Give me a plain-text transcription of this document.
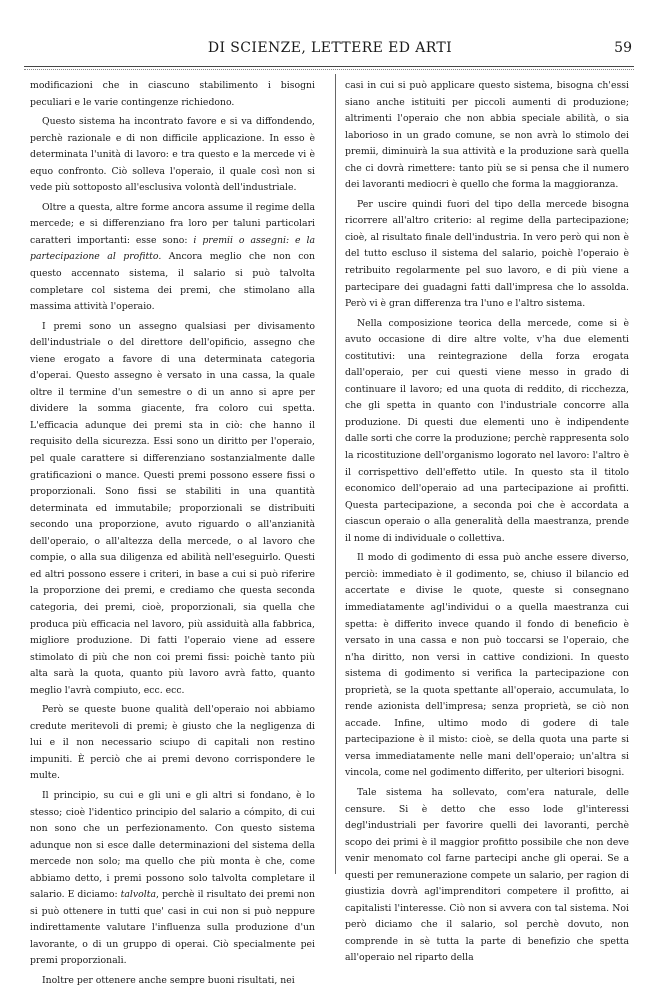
DI SCIENZE, LETTERE ED ARTI	59

modificazioni che in ciascuno stabilimento i bisogni peculiari e le varie contingenze richiedono.

Questo sistema ha incontrato favore e si va diffondendo, perchè razionale e di non difficile applicazione. In esso è determinata l'unità di lavoro: e tra questo e la mercede vi è equo confronto. Ciò solleva l'operaio, il quale così non si vede più sottoposto all'esclusiva volontà dell'industriale.

Oltre a questa, altre forme ancora assume il regime della mercede; e si differenziano fra loro per taluni particolari caratteri importanti: esse sono: i premii o assegni: e la partecipazione al profitto. Ancora meglio che non con questo accennato sistema, il salario si può talvolta completare col sistema dei premi, che stimolano alla massima attività l'operaio.

I premi sono un assegno qualsiasi per divisamento dell'industriale o del direttore dell'opificio, assegno che viene erogato a favore di una determinata categoria d'operai. Questo assegno è versato in una cassa, la quale oltre il termine d'un semestre o di un anno si apre per dividere la somma giacente, fra coloro cui spetta. L'efficacia adunque dei premi sta in ciò: che hanno il requisito della sicurezza. Essi sono un diritto per l'operaio, pel quale carattere si differenziano sostanzialmente dalle gratificazioni o mance. Questi premi possono essere fissi o proporzionali. Sono fissi se stabiliti in una quantità determinata ed immutabile; proporzionali se distribuiti secondo una proporzione, avuto riguardo o all'anzianità dell'operaio, o all'altezza della mercede, o al lavoro che compie, o alla sua diligenza ed abilità nell'eseguirlo. Questi ed altri possono essere i criteri, in base a cui si può riferire la proporzione dei premi, e crediamo che questa seconda categoria, dei premi, cioè, proporzionali, sia quella che produca più efficacia nel lavoro, più assiduità alla fabbrica, migliore produzione. Di fatti l'operaio viene ad essere stimolato di più che non coi premi fissi: poichè tanto più alta sarà la quota, quanto più lavoro avrà fatto, quanto meglio l'avrà compiuto, ecc. ecc.

Però se queste buone qualità dell'operaio noi abbiamo credute meritevoli di premi; è giusto che la negligenza di lui e il non necessario sciupo di capitali non restino impuniti. È perciò che ai premi devono corrispondere le multe.

Il principio, su cui e gli uni e gli altri si fondano, è lo stesso; cioè l'identico principio del salario a cómpito, di cui non sono che un perfezionamento. Con questo sistema adunque non si esce dalle determinazioni del sistema della mercede non solo; ma quello che più monta è che, come abbiamo detto, i premi possono solo talvolta completare il salario. E diciamo: talvolta, perchè il risultato dei premi non si può ottenere in tutti que' casi in cui non si può neppure indirettamente valutare l'influenza sulla produzione d'un lavorante, o di un gruppo di operai. Ciò specialmente pei premi proporzionali.

Inoltre per ottenere anche sempre buoni risultati, nei

casi in cui si può applicare questo sistema, bisogna ch'essi siano anche istituiti per piccoli aumenti di produzione; altrimenti l'operaio che non abbia speciale abilità, o sia laborioso in un grado comune, se non avrà lo stimolo dei premii, diminuirà la sua attività e la produzione sarà quella che ci dovrà rimettere: tanto più se si pensa che il numero dei lavoranti mediocri è quello che forma la maggioranza.

Per uscire quindi fuori del tipo della mercede bisogna ricorrere all'altro criterio: al regime della partecipazione; cioè, al risultato finale dell'industria. In vero però qui non è del tutto escluso il sistema del salario, poichè l'operaio è retribuito regolarmente pel suo lavoro, e di più viene a partecipare dei guadagni fatti dall'impresa che lo assolda. Però vi è gran differenza tra l'uno e l'altro sistema.

Nella composizione teorica della mercede, come si è avuto occasione di dire altre volte, v'ha due elementi costitutivi: una reintegrazione della forza erogata dall'operaio, per cui questi viene messo in grado di continuare il lavoro; ed una quota di reddito, di ricchezza, che gli spetta in quanto con l'industriale concorre alla produzione. Di questi due elementi uno è indipendente dalle sorti che corre la produzione; perchè rappresenta solo la ricostituzione dell'organismo logorato nel lavoro: l'altro è il corrispettivo dell'effetto utile. In questo sta il titolo economico dell'operaio ad una partecipazione ai profitti. Questa partecipazione, a seconda poi che è accordata a ciascun operaio o alla generalità della maestranza, prende il nome di individuale o collettiva.

Il modo di godimento di essa può anche essere diverso, perciò: immediato è il godimento, se, chiuso il bilancio ed accertate e divise le quote, queste si consegnano immediatamente agl'individui o a quella maestranza cui spetta: è differito invece quando il fondo di beneficio è versato in una cassa e non può toccarsi se l'operaio, che n'ha diritto, non versi in cattive condizioni. In questo sistema di godimento si verifica la partecipazione con proprietà, se la quota spettante all'operaio, accumulata, lo rende azionista dell'impresa; senza proprietà, se ciò non accade. Infine, ultimo modo di godere di tale partecipazione è il misto: cioè, se della quota una parte si versa immediatamente nelle mani dell'operaio; un'altra si vincola, come nel godimento differito, per ulteriori bisogni.

Tale sistema ha sollevato, com'era naturale, delle censure. Si è detto che esso lode gl'interessi degl'industriali per favorire quelli dei lavoranti, perchè scopo dei primi è il maggior profitto possibile che non deve venir menomato col farne partecipi anche gli operai. Se a questi per remunerazione compete un salario, per ragion di giustizia dovrà agl'imprenditori competere il profitto, ai capitalisti l'interesse. Ciò non si avvera con tal sistema. Noi però diciamo che il salario, sol perchè dovuto, non comprende in sè tutta la parte di benefizio che spetta all'operaio nel riparto della
